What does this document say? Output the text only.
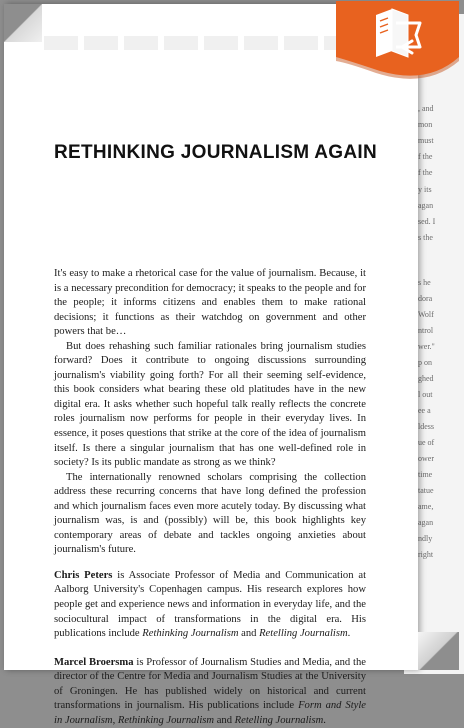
, and
mon
must
f the
f the
y its
agan
sed. I
s the
s he
dora
Wolf
ntrol
wer."
p on
ghed
l out
ee a
ldess
ue of
ower
time
tatue
ame,
agan
ndly
right
RETHINKING JOURNALISM AGAIN

It's easy to make a rhetorical case for the value of journalism. Because, it is a necessary precondition for democracy; it speaks to the people and for the people; it informs citizens and enables them to make rational decisions; it functions as their watchdog on government and other powers that be…

But does rehashing such familiar rationales bring journalism studies forward? Does it contribute to ongoing discussions surrounding journalism's viability going forth? For all their seeming self-evidence, this book considers what bearing these old platitudes have in the new digital era. It asks whether such hopeful talk really reflects the concrete roles journalism now performs for people in their everyday lives. In essence, it poses questions that strike at the core of the idea of journalism itself. Is there a singular journalism that has one well-defined role in society? Is its public mandate as strong as we think?

The internationally renowned scholars comprising the collection address these recurring concerns that have long defined the profession and which journalism faces even more acutely today. By discussing what journalism was, is and (possibly) will be, this book highlights key contemporary areas of debate and tackles ongoing anxieties about journalism's future.

Chris Peters is Associate Professor of Media and Communication at Aalborg University's Copenhagen campus. His research explores how people get and experience news and information in everyday life, and the sociocultural impact of transformations in the digital era. His publications include Rethinking Journalism and Retelling Journalism.

Marcel Broersma is Professor of Journalism Studies and Media, and the director of the Centre for Media and Journalism Studies at the University of Groningen. He has published widely on historical and current transformations in journalism. His publications include Form and Style in Journalism, Rethinking Journalism and Retelling Journalism.
